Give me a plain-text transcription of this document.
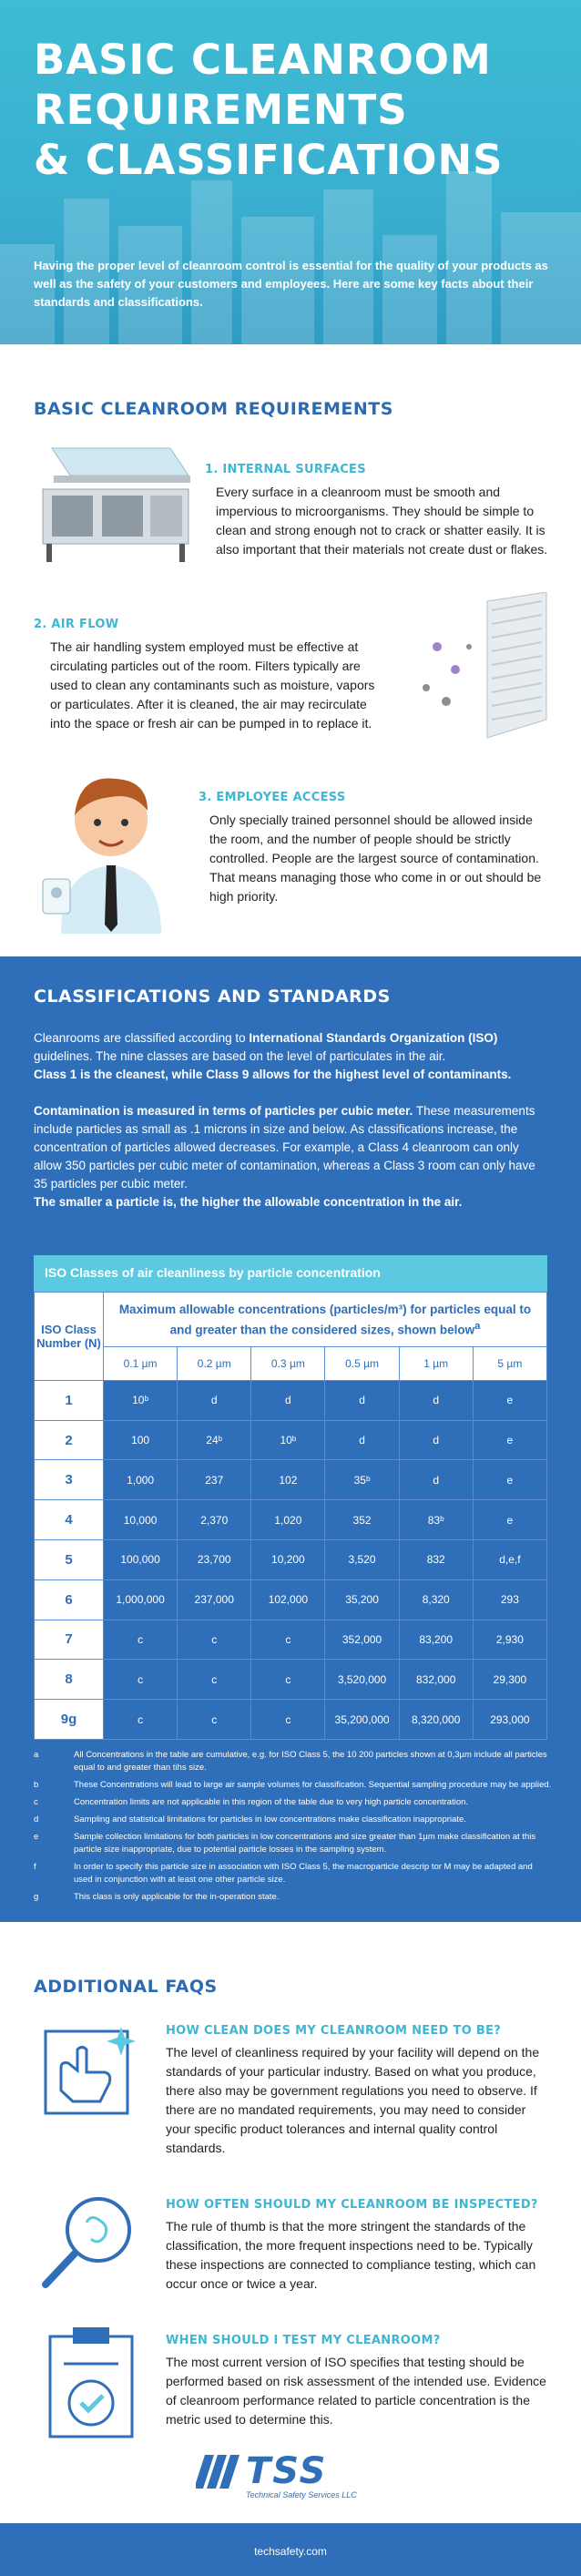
BASIC CLEANROOM
REQUIREMENTS
& CLASSIFICATIONS

Having the proper level of cleanroom control is essential for the quality of your products as well as the safety of your customers and employees. Here are some key facts about their standards and classifications.

BASIC CLEANROOM REQUIREMENTS
1. INTERNAL SURFACES
Every surface in a cleanroom must be smooth and impervious to microorganisms. They should be simple to clean and strong enough not to crack or shatter easily. It is also important that their materials not create dust or flakes.
2. AIR FLOW
The air handling system employed must be effective at circulating particles out of the room. Filters typically are used to clean any contaminants such as moisture, vapors or particulates. After it is cleaned, the air may recirculate into the space or fresh air can be pumped in to replace it.
3. EMPLOYEE ACCESS
Only specially trained personnel should be allowed inside the room, and the number of people should be strictly controlled. People are the largest source of contamination. That means managing those who come in or out should be high priority.
CLASSIFICATIONS AND STANDARDS

Cleanrooms are classified according to International Standards Organization (ISO) guidelines. The nine classes are based on the level of particulates in the air.
Class 1 is the cleanest, while Class 9 allows for the highest level of contaminants.

Contamination is measured in terms of particles per cubic meter. These measurements include particles as small as .1 microns in size and below. As classifications increase, the concentration of particles allowed decreases. For example, a Class 4 cleanroom can only allow 350 particles per cubic meter of contamination, whereas a Class 3 room can only have 35 particles per cubic meter.
The smaller a particle is, the higher the allowable concentration in the air.

ISO Classes of air cleanliness by particle concentration
ISO Class Number (N)	Maximum allowable concentrations (particles/m³) for particles equal to and greater than the considered sizes, shown below$^a$
	0.1 µm	0.2 µm	0.3 µm	0.5 µm	1 µm	5 µm
1	10ᵇ	d	d	d	d	e
2	100	24ᵇ	10ᵇ	d	d	e
3	1,000	237	102	35ᵇ	d	e
4	10,000	2,370	1,020	352	83ᵇ	e
5	100,000	23,700	10,200	3,520	832	d,e,f
6	1,000,000	237,000	102,000	35,200	8,320	293
7	c	c	c	352,000	83,200	2,930
8	c	c	c	3,520,000	832,000	29,300
9g	c	c	c	35,200,000	8,320,000	293,000
a	All Concentrations in the table are cumulative, e.g. for ISO Class 5, the 10 200 particles shown at 0,3µm include all particles equal to and greater than tihs size.
b	These Concentrations will lead to large air sample volumes for classification. Sequential sampling procedure may be applied.
c	Concentration limits are not applicable in this region of the table due to very high particle concentration.
d	Sampling and statistical limitations for particles in low concentrations make classification inappropriate.
e	Sample collection limitations for both particles in low concentrations and size greater than 1µm make classification at this particle size inappropriate, due to potential particle losses in the sampling system.
f	In order to specify this particle size in association with ISO Class 5, the macroparticle descrip tor M may be adapted and used in conjunction with at least one other particle size.
g	This class is only applicable for the in-operation state.
ADDITIONAL FAQS
HOW CLEAN DOES MY CLEANROOM NEED TO BE?
The level of cleanliness required by your facility will depend on the standards of your particular industry. Based on what you produce, there also may be government regulations you need to observe. If there are no mandated requirements, you may need to consider your specific product tolerances and internal quality control standards.
HOW OFTEN SHOULD MY CLEANROOM BE INSPECTED?
The rule of thumb is that the more stringent the standards of the classification, the more frequent inspections need to be. Typically these inspections are connected to compliance testing, which can occur once or twice a year.
WHEN SHOULD I TEST MY CLEANROOM?
The most current version of ISO specifies that testing should be performed based on risk assessment of the intended use. Evidence of cleanroom performance related to particle concentration is the metric used to determine this.
TSS
Technical Safety Services LLC
techsafety.com
